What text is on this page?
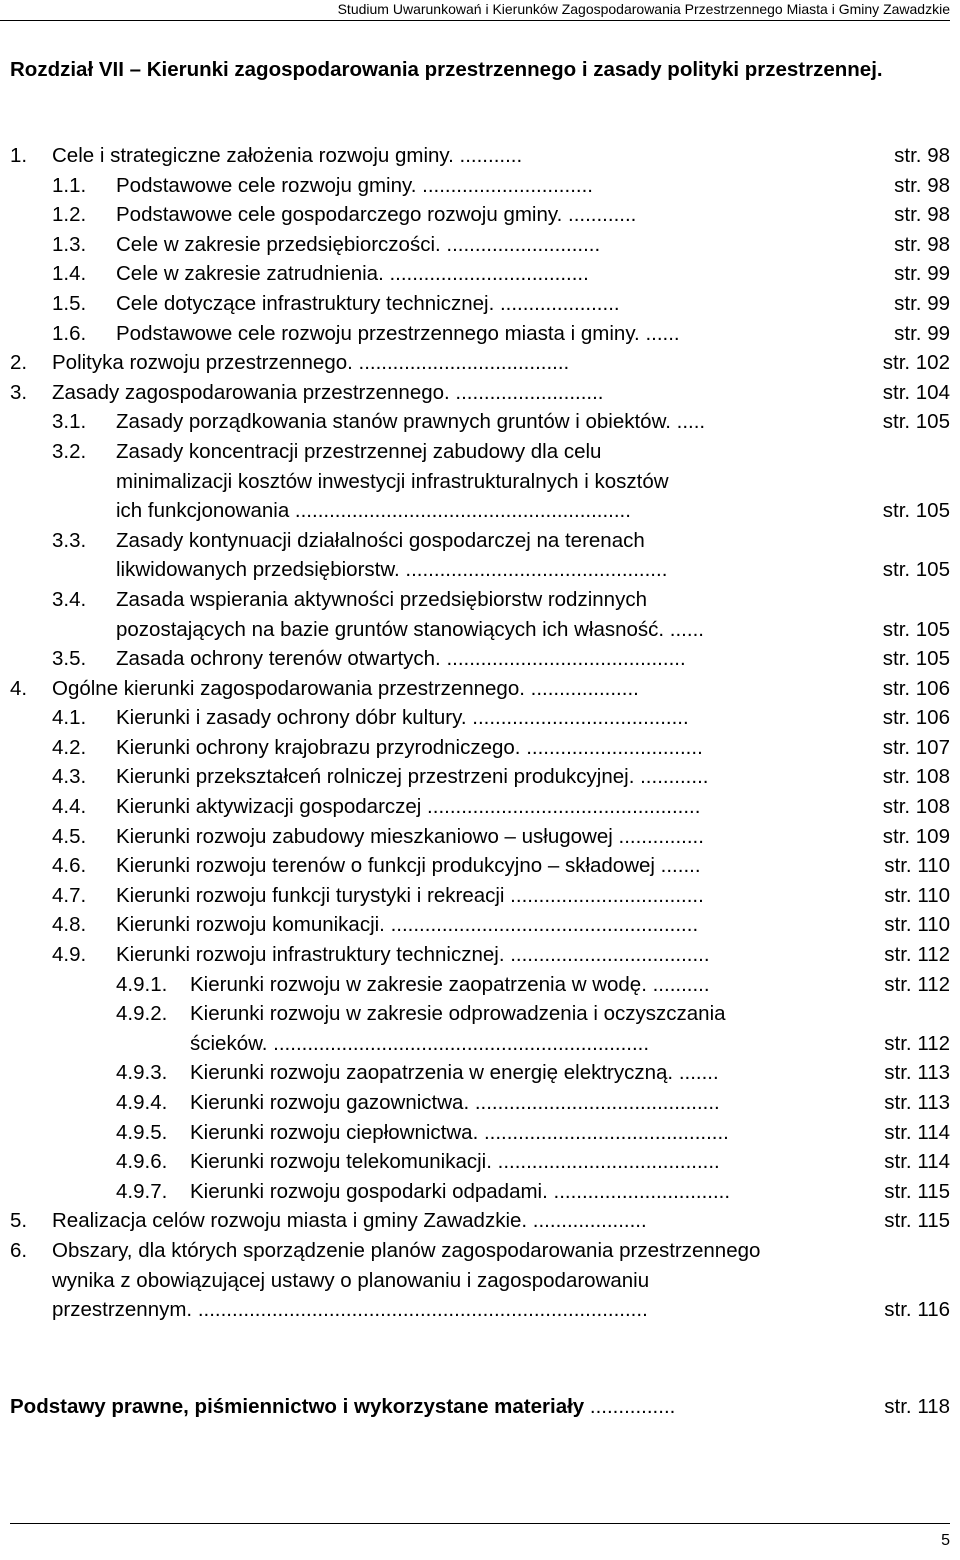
Studium Uwarunkowań i Kierunków Zagospodarowania Przestrzennego Miasta i Gminy Zawadzkie
Rozdział VII – Kierunki zagospodarowania przestrzennego i zasady polityki przestrzennej.
1. Cele i strategiczne założenia rozwoju gminy. ...........	str. 98
1.1. Podstawowe cele rozwoju gminy. ..............................	str. 98
1.2. Podstawowe cele gospodarczego rozwoju gminy. ............	str. 98
1.3. Cele w zakresie przedsiębiorczości. ...........................	str. 98
1.4. Cele w zakresie zatrudnienia. ...................................	str. 99
1.5. Cele dotyczące infrastruktury technicznej. .....................	str. 99
1.6. Podstawowe cele rozwoju przestrzennego miasta i gminy. ......	str. 99
2. Polityka rozwoju przestrzennego. .....................................	str. 102
3. Zasady zagospodarowania przestrzennego. ..........................	str. 104
3.1. Zasady porządkowania stanów prawnych gruntów i obiektów. .....	str. 105
3.2. Zasady koncentracji przestrzennej zabudowy dla celu
minimalizacji kosztów inwestycji infrastrukturalnych i kosztów
ich funkcjonowania ...........................................................	str. 105
3.3. Zasady kontynuacji działalności gospodarczej na terenach
likwidowanych przedsiębiorstw. ..............................................	str. 105
3.4. Zasada wspierania aktywności przedsiębiorstw rodzinnych
pozostających na bazie gruntów stanowiących ich własność. ......	str. 105
3.5. Zasada ochrony terenów otwartych. ..........................................	str. 105
4. Ogólne kierunki zagospodarowania przestrzennego. ...................	str. 106
4.1. Kierunki i zasady ochrony dóbr kultury. ......................................	str. 106
4.2. Kierunki ochrony krajobrazu przyrodniczego. ...............................	str. 107
4.3. Kierunki przekształceń rolniczej przestrzeni produkcyjnej. ............	str. 108
4.4. Kierunki aktywizacji gospodarczej ................................................	str. 108
4.5. Kierunki rozwoju zabudowy mieszkaniowo – usługowej ...............	str. 109
4.6. Kierunki rozwoju terenów o funkcji produkcyjno – składowej .......	str. 110
4.7. Kierunki rozwoju funkcji turystyki i rekreacji ..................................	str. 110
4.8. Kierunki rozwoju komunikacji. ......................................................	str. 110
4.9. Kierunki rozwoju infrastruktury technicznej. ...................................	str. 112
4.9.1. Kierunki rozwoju w zakresie zaopatrzenia w wodę. ..........	str. 112
4.9.2. Kierunki rozwoju w zakresie odprowadzenia i oczyszczania
ścieków. ..................................................................	str. 112
4.9.3. Kierunki rozwoju zaopatrzenia w energię elektryczną. .......	str. 113
4.9.4. Kierunki rozwoju gazownictwa. ...........................................	str. 113
4.9.5. Kierunki rozwoju ciepłownictwa. ...........................................	str. 114
4.9.6. Kierunki rozwoju telekomunikacji. .......................................	str. 114
4.9.7. Kierunki rozwoju gospodarki odpadami. ...............................	str. 115
5. Realizacja celów rozwoju miasta i gminy Zawadzkie. ....................	str. 115
6. Obszary, dla których sporządzenie planów zagospodarowania przestrzennego
wynika z obowiązującej ustawy o planowaniu i zagospodarowaniu
przestrzennym. ...............................................................................	str. 116
Podstawy prawne, piśmiennictwo i wykorzystane materiały ...............	str. 118
5
